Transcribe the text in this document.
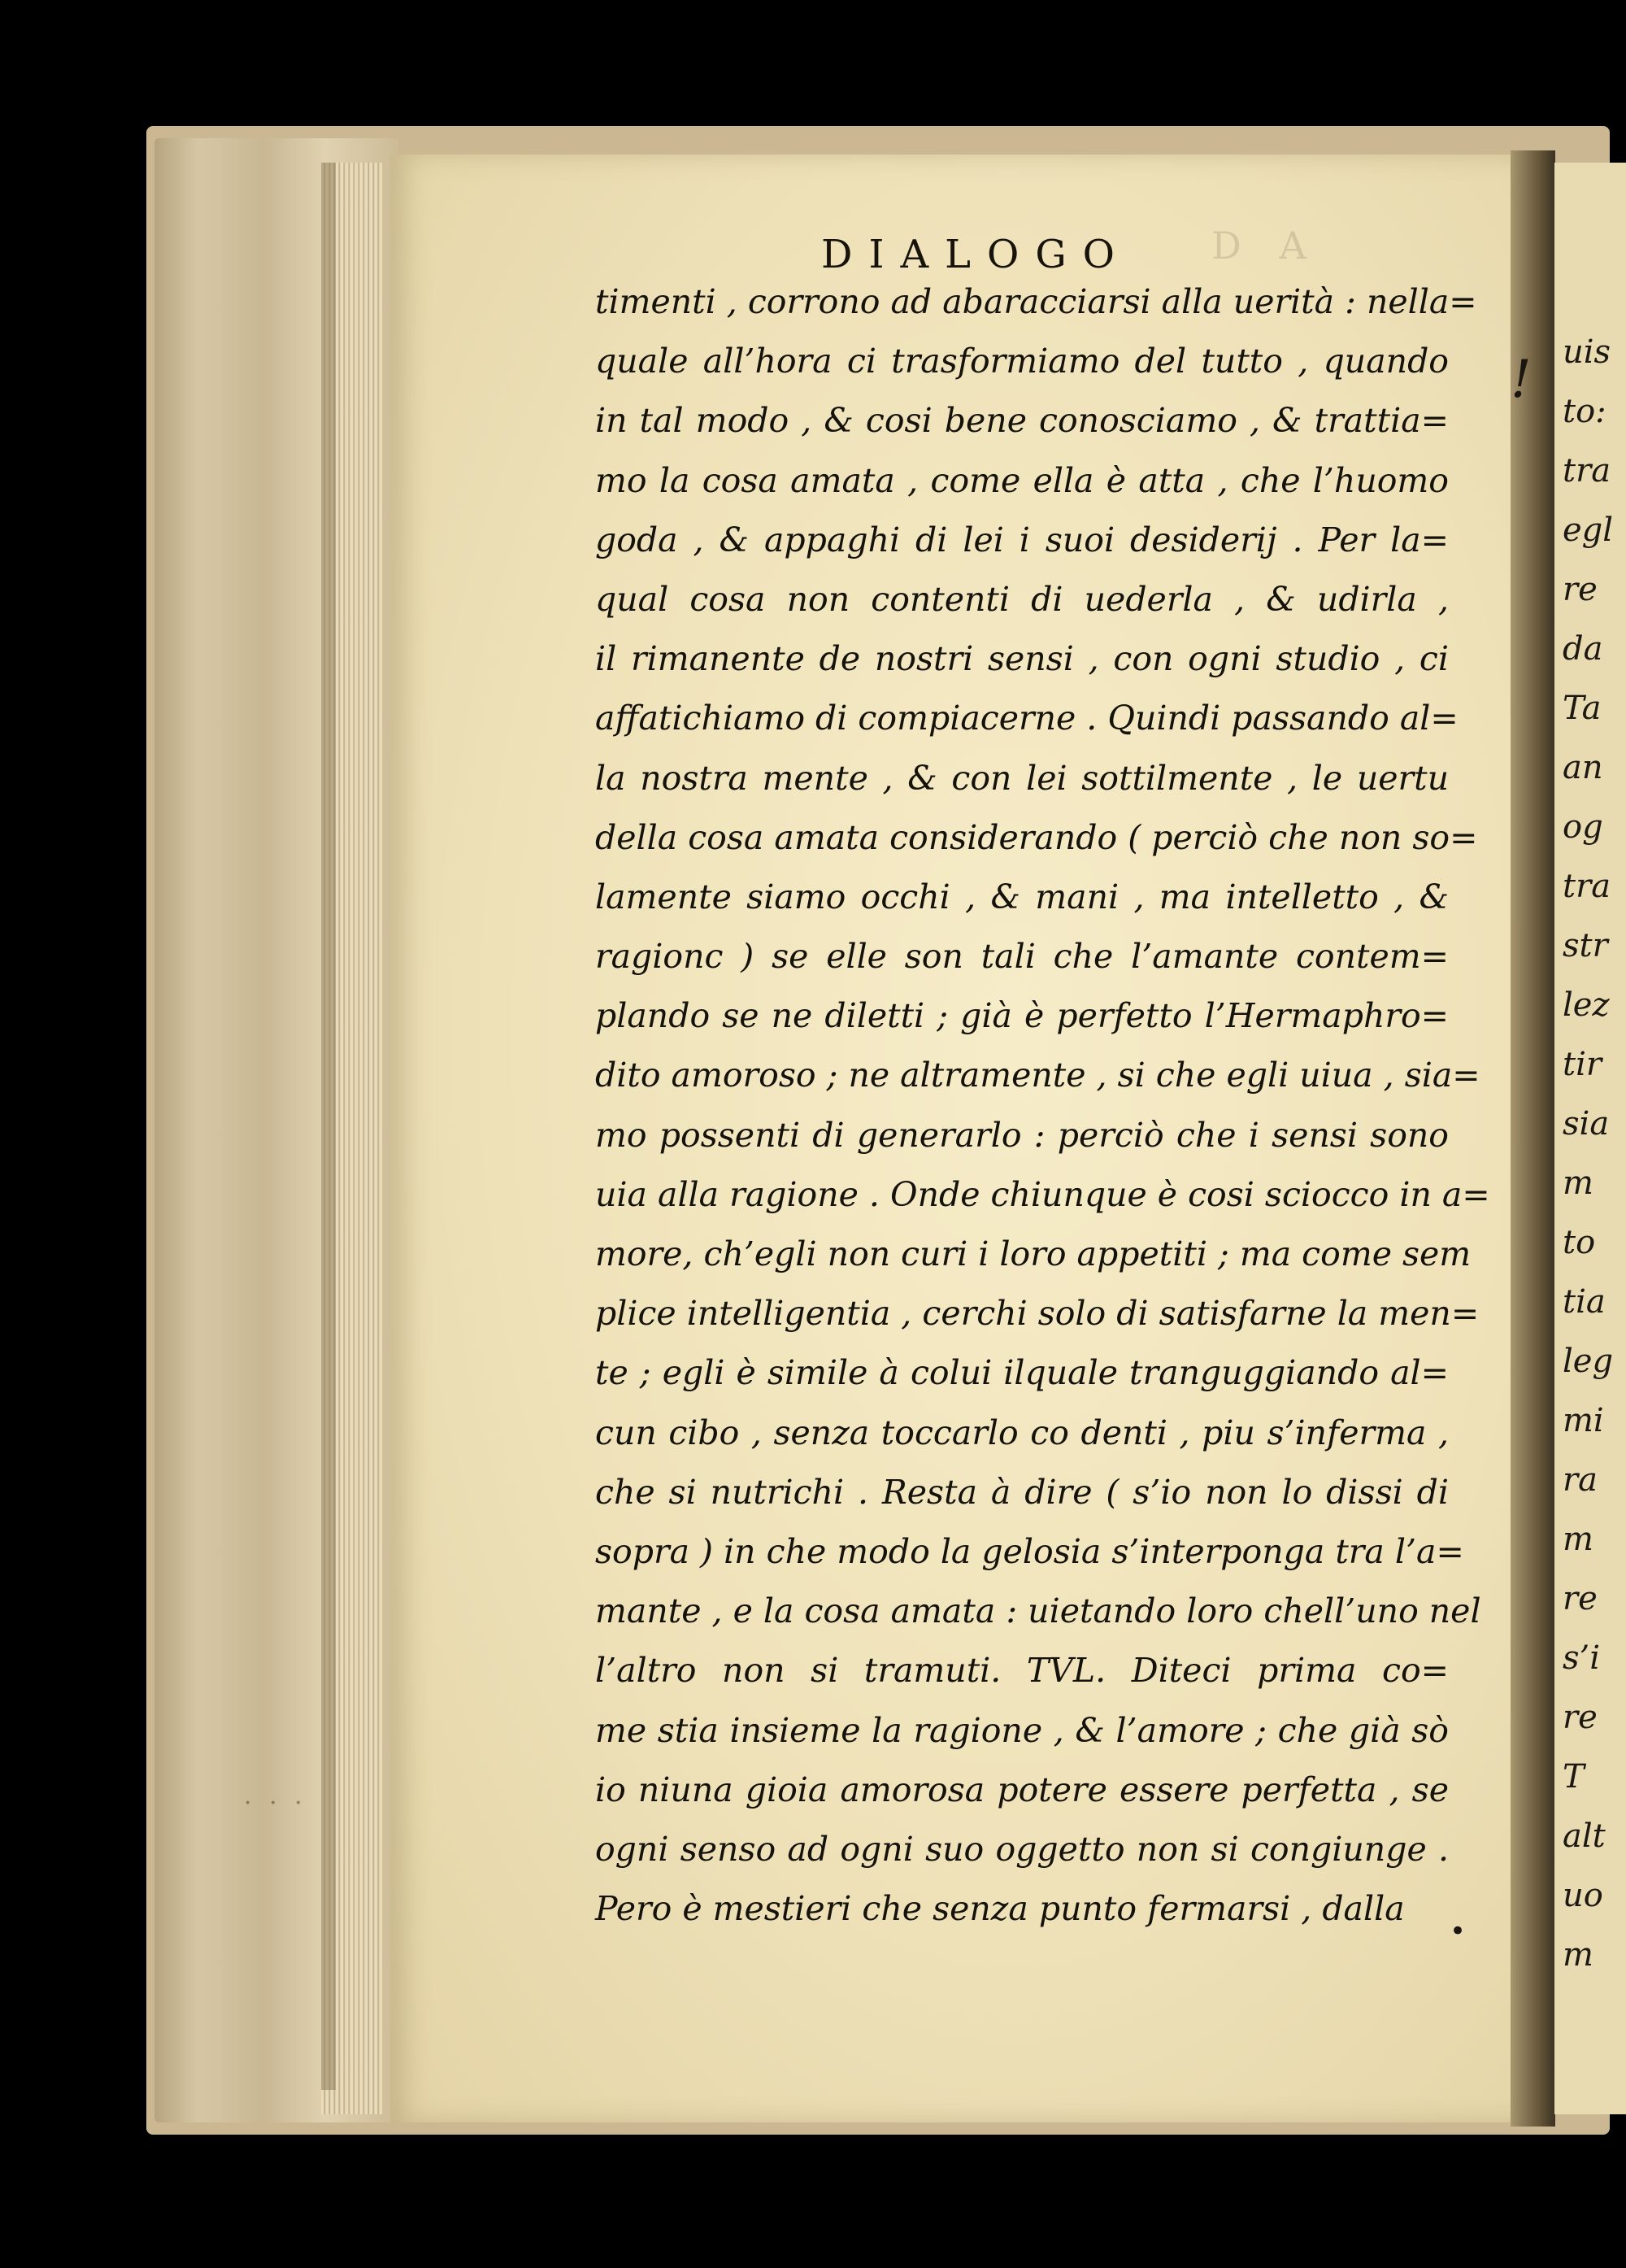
uis
to:
tra
egl
re
da
Ta
an
og
tra
str
lez
tir
sia
m
to
tia
leg
mi
ra
m
re
s’i
re
T
alt
uo
m
DIALOGO D A
timenti , corrono ad abaracciarsi alla uerità : nella=
quale all’hora ci trasformiamo del tutto , quando
in tal modo , & cosi bene conosciamo , & trattia=
mo la cosa amata , come ella è atta , che l’huomo
goda , & appaghi di lei i suoi desiderij . Per la=
qual cosa non contenti di uederla , & udirla ,
il rimanente de nostri sensi , con ogni studio , ci
affatichiamo di compiacerne . Quindi passando al=
la nostra mente , & con lei sottilmente , le uertu
della cosa amata considerando ( perciò che non so=
lamente siamo occhi , & mani , ma intelletto , &
ragionc ) se elle son tali che l’amante contem=
plando se ne diletti ; già è perfetto l’Hermaphro=
dito amoroso ; ne altramente , si che egli uiua , sia=
mo possenti di generarlo : perciò che i sensi sono
uia alla ragione . Onde chiunque è cosi sciocco in a=
more, ch’egli non curi i loro appetiti ; ma come sem
plice intelligentia , cerchi solo di satisfarne la men=
te ; egli è simile à colui ilquale tranguggiando al=
cun cibo , senza toccarlo co denti , piu s’inferma ,
che si nutrichi . Resta à dire ( s’io non lo dissi di
sopra ) in che modo la gelosia s’interponga tra l’a=
mante , e la cosa amata : uietando loro chell’uno nel
l’altro non si tramuti. TVL. Diteci prima co=
me stia insieme la ragione , & l’amore ; che già sò
io niuna gioia amorosa potere essere perfetta , se
ogni senso ad ogni suo oggetto non si congiunge .
Pero è mestieri che senza punto fermarsi , dalla
!
•
· · ·
